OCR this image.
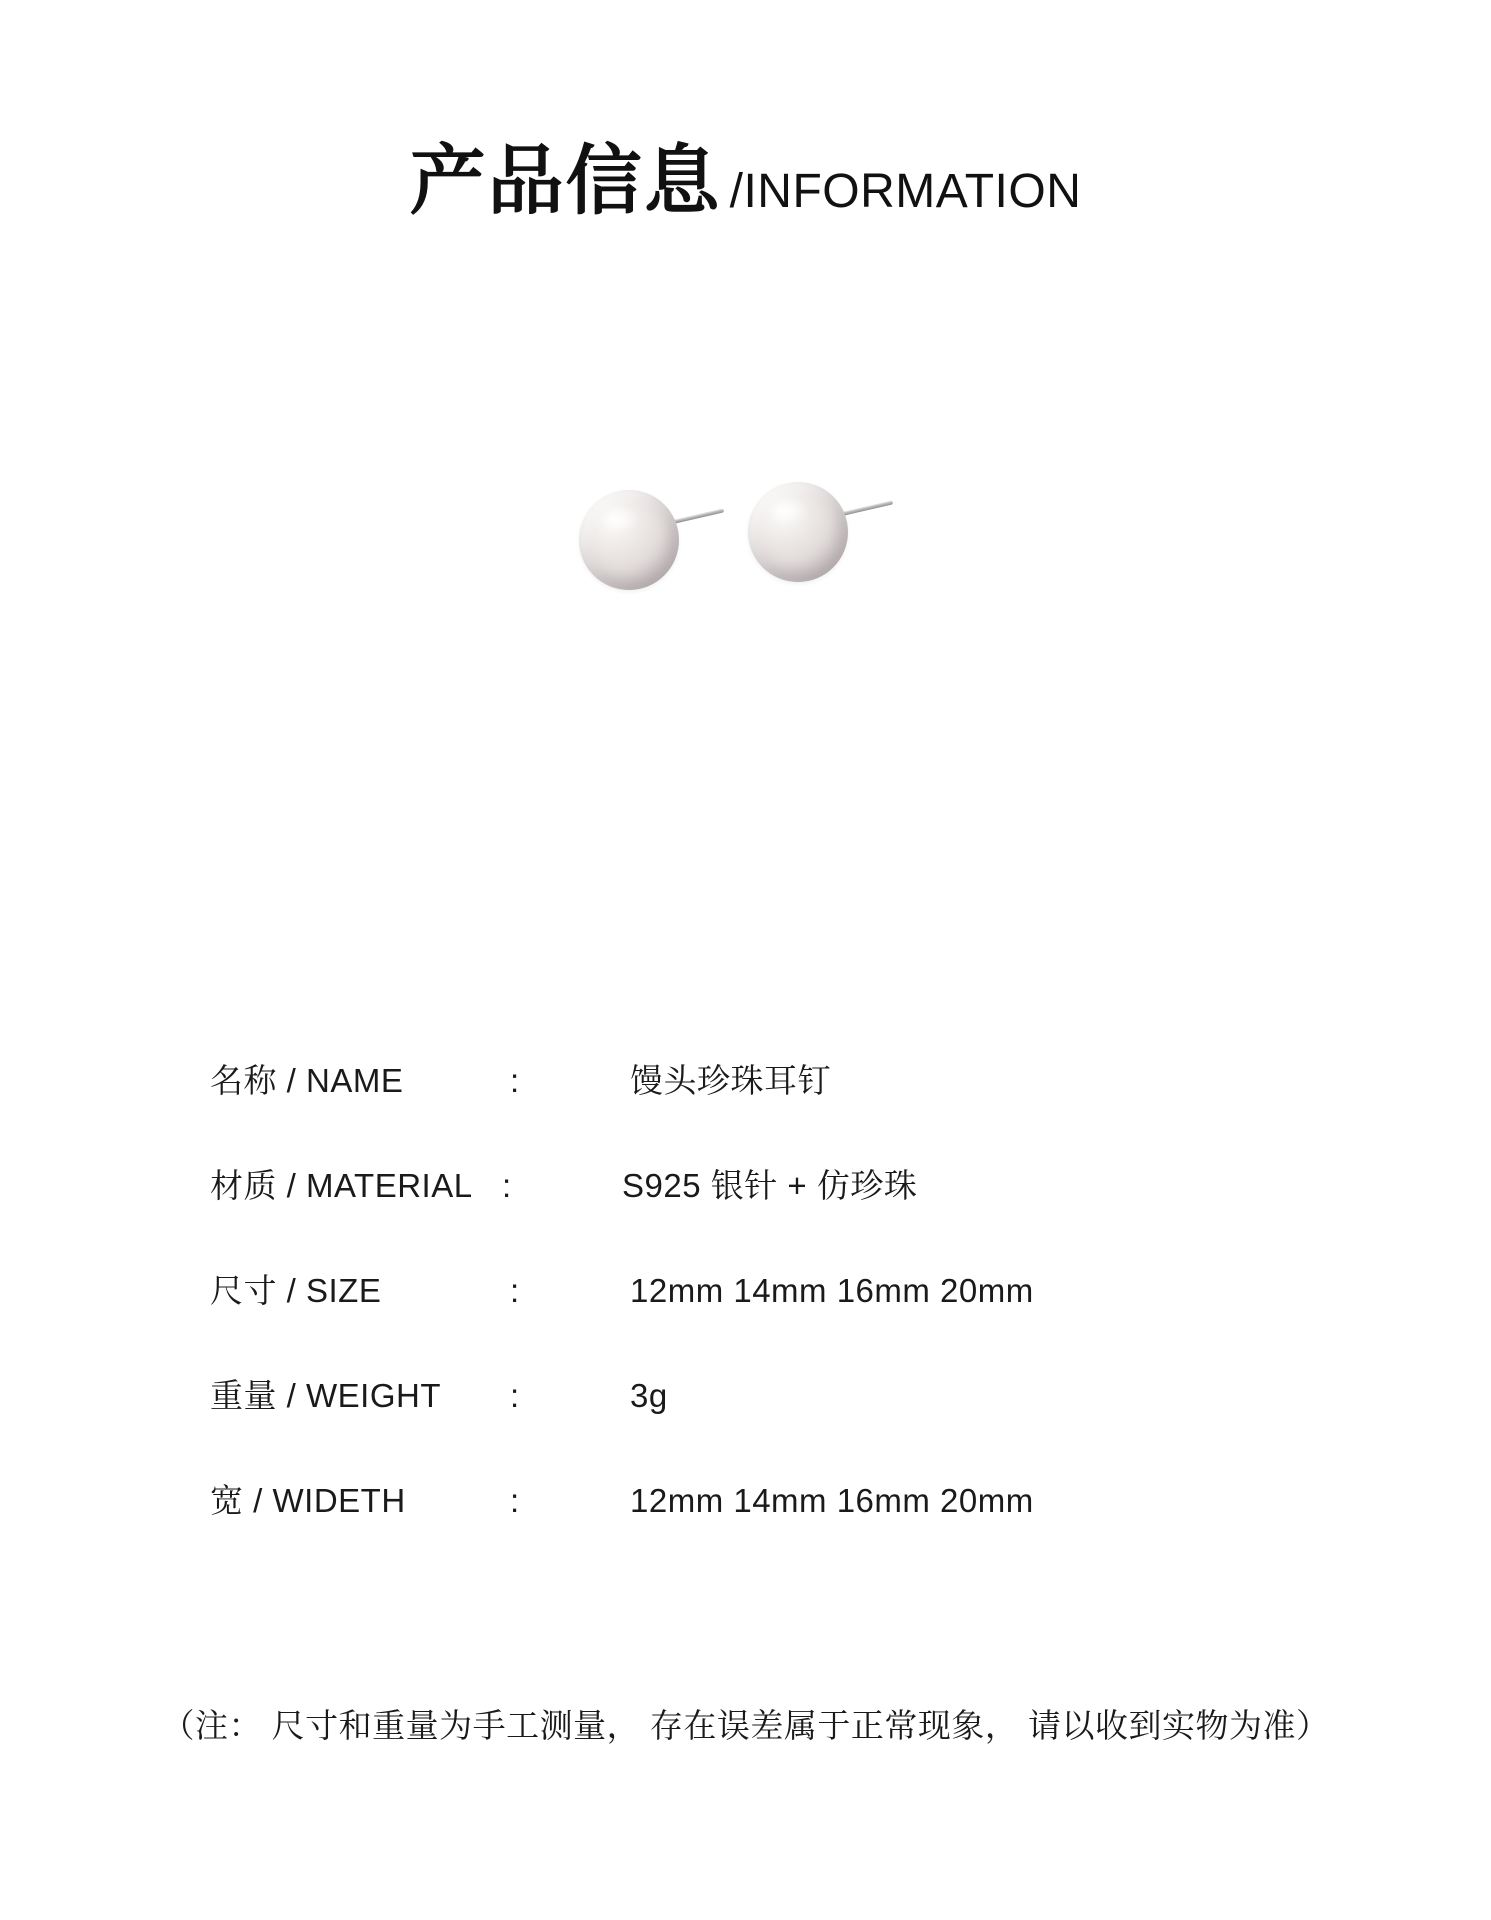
产品信息 /INFORMATION
名称 / NAME	:	馒头珍珠耳钉
材质 / MATERIAL :	S925 银针 + 仿珍珠
尺寸 / SIZE	:	12mm 14mm 16mm 20mm
重量 / WEIGHT	:	3g
宽 / WIDETH	:	12mm 14mm 16mm 20mm
（注： 尺寸和重量为手工测量， 存在误差属于正常现象， 请以收到实物为准）
